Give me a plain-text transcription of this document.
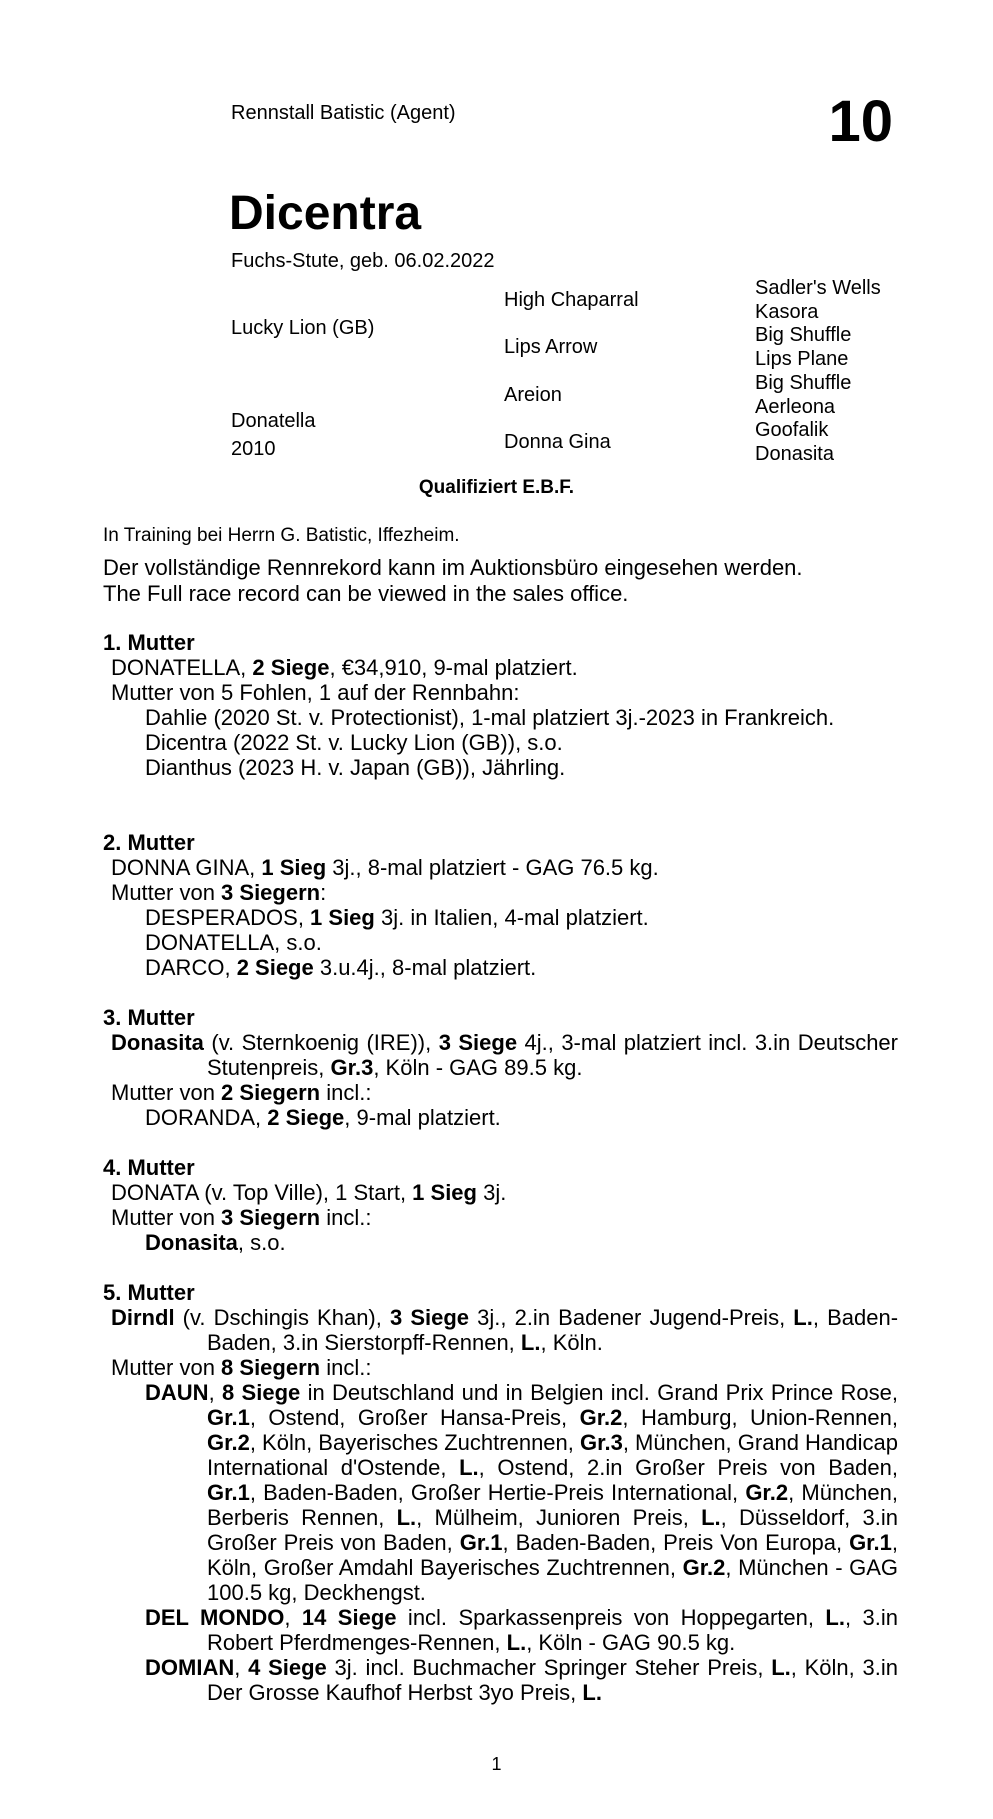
Rennstall Batistic (Agent)	10
Dicentra
Fuchs-Stute, geb. 06.02.2022
Lucky Lion (GB)
Donatella
2010
High Chaparral
Lips Arrow
Areion
Donna Gina
Sadler's Wells
Kasora
Big Shuffle
Lips Plane
Big Shuffle
Aerleona
Goofalik
Donasita
Qualifiziert E.B.F.
In Training bei Herrn G. Batistic, Iffezheim.
Der vollständige Rennrekord kann im Auktionsbüro eingesehen werden.
The Full race record can be viewed in the sales office.
1. Mutter
DONATELLA, 2 Siege, €34,910, 9-mal platziert.
Mutter von 5 Fohlen, 1 auf der Rennbahn:
Dahlie (2020 St. v. Protectionist), 1-mal platziert 3j.-2023 in Frankreich.
Dicentra (2022 St. v. Lucky Lion (GB)), s.o.
Dianthus (2023 H. v. Japan (GB)), Jährling.
2. Mutter
DONNA GINA, 1 Sieg 3j., 8-mal platziert - GAG 76.5 kg.
Mutter von 3 Siegern:
DESPERADOS, 1 Sieg 3j. in Italien, 4-mal platziert.
DONATELLA, s.o.
DARCO, 2 Siege 3.u.4j., 8-mal platziert.
3. Mutter
Donasita (v. Sternkoenig (IRE)), 3 Siege 4j., 3-mal platziert incl. 3.in Deutscher Stutenpreis, Gr.3, Köln - GAG 89.5 kg.
Mutter von 2 Siegern incl.:
DORANDA, 2 Siege, 9-mal platziert.
4. Mutter
DONATA (v. Top Ville), 1 Start, 1 Sieg 3j.
Mutter von 3 Siegern incl.:
Donasita, s.o.
5. Mutter
Dirndl (v. Dschingis Khan), 3 Siege 3j., 2.in Badener Jugend-Preis, L., Baden-Baden, 3.in Sierstorpff-Rennen, L., Köln.
Mutter von 8 Siegern incl.:
DAUN, 8 Siege in Deutschland und in Belgien incl. Grand Prix Prince Rose, Gr.1, Ostend, Großer Hansa-Preis, Gr.2, Hamburg, Union-Rennen, Gr.2, Köln, Bayerisches Zuchtrennen, Gr.3, München, Grand Handicap International d'Ostende, L., Ostend, 2.in Großer Preis von Baden, Gr.1, Baden-Baden, Großer Hertie-Preis International, Gr.2, München, Berberis Rennen, L., Mülheim, Junioren Preis, L., Düsseldorf, 3.in Großer Preis von Baden, Gr.1, Baden-Baden, Preis Von Europa, Gr.1, Köln, Großer Amdahl Bayerisches Zuchtrennen, Gr.2, München - GAG 100.5 kg, Deckhengst.
DEL MONDO, 14 Siege incl. Sparkassenpreis von Hoppegarten, L., 3.in Robert Pferdmenges-Rennen, L., Köln - GAG 90.5 kg.
DOMIAN, 4 Siege 3j. incl. Buchmacher Springer Steher Preis, L., Köln, 3.in Der Grosse Kaufhof Herbst 3yo Preis, L.
1
